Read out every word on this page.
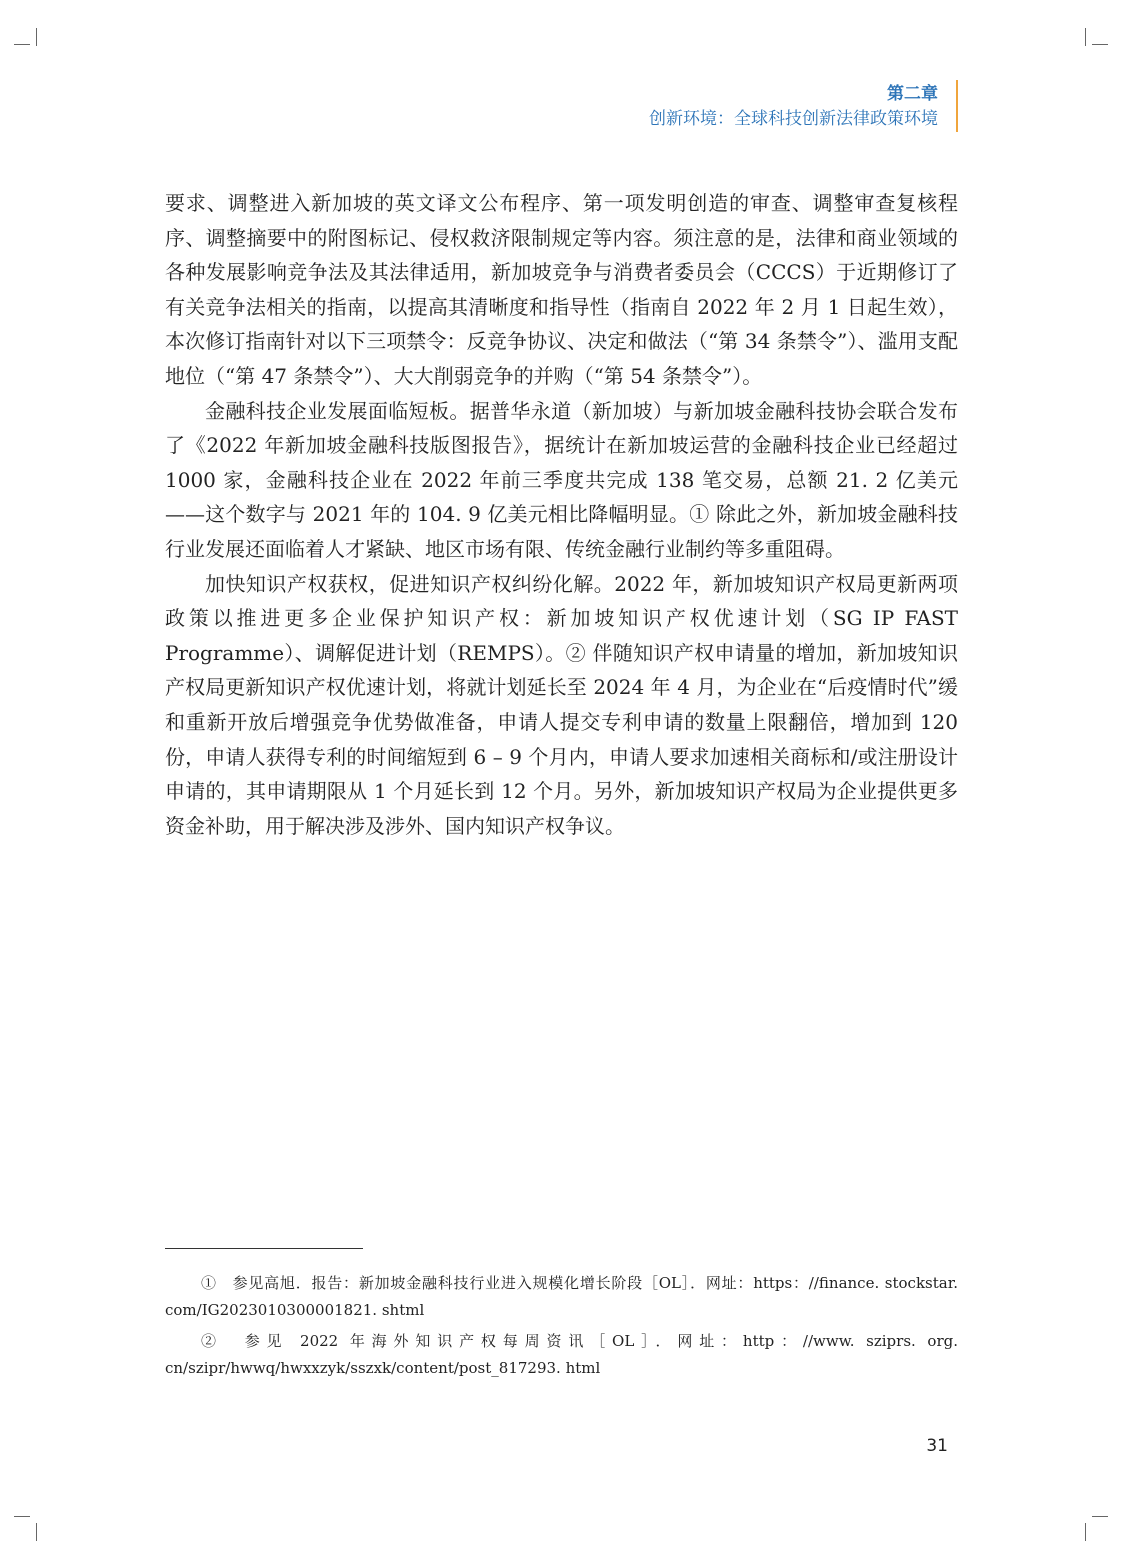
第二章
创新环境：全球科技创新法律政策环境

要求、调整进入新加坡的英文译文公布程序、第一项发明创造的审查、调整审查复核程序、调整摘要中的附图标记、侵权救济限制规定等内容。须注意的是，法律和商业领域的各种发展影响竞争法及其法律适用，新加坡竞争与消费者委员会（CCCS）于近期修订了有关竞争法相关的指南，以提高其清晰度和指导性（指南自 2022 年 2 月 1 日起生效），本次修订指南针对以下三项禁令：反竞争协议、决定和做法（“第 34 条禁令”）、滥用支配地位（“第 47 条禁令”）、大大削弱竞争的并购（“第 54 条禁令”）。

金融科技企业发展面临短板。据普华永道（新加坡）与新加坡金融科技协会联合发布了《2022 年新加坡金融科技版图报告》，据统计在新加坡运营的金融科技企业已经超过 1000 家，金融科技企业在 2022 年前三季度共完成 138 笔交易，总额 21. 2 亿美元——这个数字与 2021 年的 104. 9 亿美元相比降幅明显。① 除此之外，新加坡金融科技行业发展还面临着人才紧缺、地区市场有限、传统金融行业制约等多重阻碍。

加快知识产权获权，促进知识产权纠纷化解。2022 年，新加坡知识产权局更新两项政策以推进更多企业保护知识产权：新加坡知识产权优速计划（SG IP FAST Programme）、调解促进计划（REMPS）。② 伴随知识产权申请量的增加，新加坡知识产权局更新知识产权优速计划，将就计划延长至 2024 年 4 月，为企业在“后疫情时代”缓和重新开放后增强竞争优势做准备，申请人提交专利申请的数量上限翻倍，增加到 120 份，申请人获得专利的时间缩短到 6 – 9 个月内，申请人要求加速相关商标和/或注册设计申请的，其申请期限从 1 个月延长到 12 个月。另外，新加坡知识产权局为企业提供更多资金补助，用于解决涉及涉外、国内知识产权争议。

①　参见高旭．报告：新加坡金融科技行业进入规模化增长阶段［OL］．网址：https：//finance. stockstar. com/IG2023010300001821. shtml

②　参见 2022 年海外知识产权每周资讯［OL］．网址：http：//www. sziprs. org. cn/szipr/hwwq/hwxxzyk/sszxk/content/post_817293. html

31
